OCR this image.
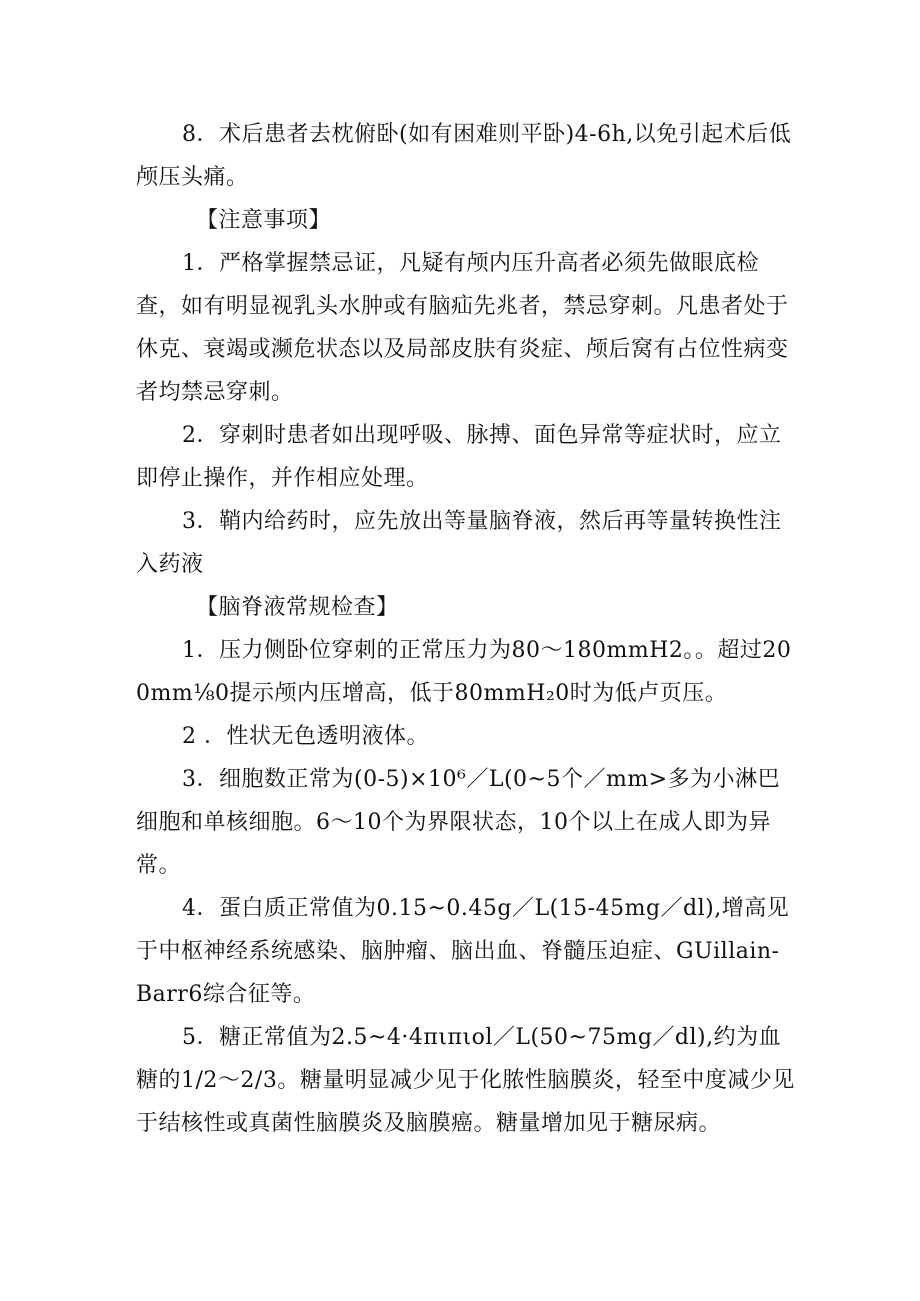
8．术后患者去枕俯卧(如有困难则平卧)4-6h,以免引起术后低颅压头痛。

【注意事项】

1．严格掌握禁忌证，凡疑有颅内压升高者必须先做眼底检查，如有明显视乳头水肿或有脑疝先兆者，禁忌穿刺。凡患者处于休克、衰竭或濒危状态以及局部皮肤有炎症、颅后窝有占位性病变者均禁忌穿刺。

2．穿刺时患者如出现呼吸、脉搏、面色异常等症状时，应立即停止操作，并作相应处理。

3．鞘内给药时，应先放出等量脑脊液，然后再等量转换性注入药液

【脑脊液常规检查】

1．压力侧卧位穿刺的正常压力为80～180mmH2。。超过200mm⅛0提示颅内压增高，低于80mmH₂0时为低卢页压。

2 ．性状无色透明液体。

3．细胞数正常为(0-5)×10⁶／L(0~5个／mm>多为小淋巴细胞和单核细胞。6～10个为界限状态，10个以上在成人即为异常。

4．蛋白质正常值为0.15~0.45g／L(15-45mg／dl),增高见于中枢神经系统感染、脑肿瘤、脑出血、脊髓压迫症、GUillain-Barr6综合征等。

5．糖正常值为2.5~4·4πιπιol／L(50~75mg／dl),约为血糖的1/2～2/3。糖量明显减少见于化脓性脑膜炎，轻至中度减少见于结核性或真菌性脑膜炎及脑膜癌。糖量增加见于糖尿病。
